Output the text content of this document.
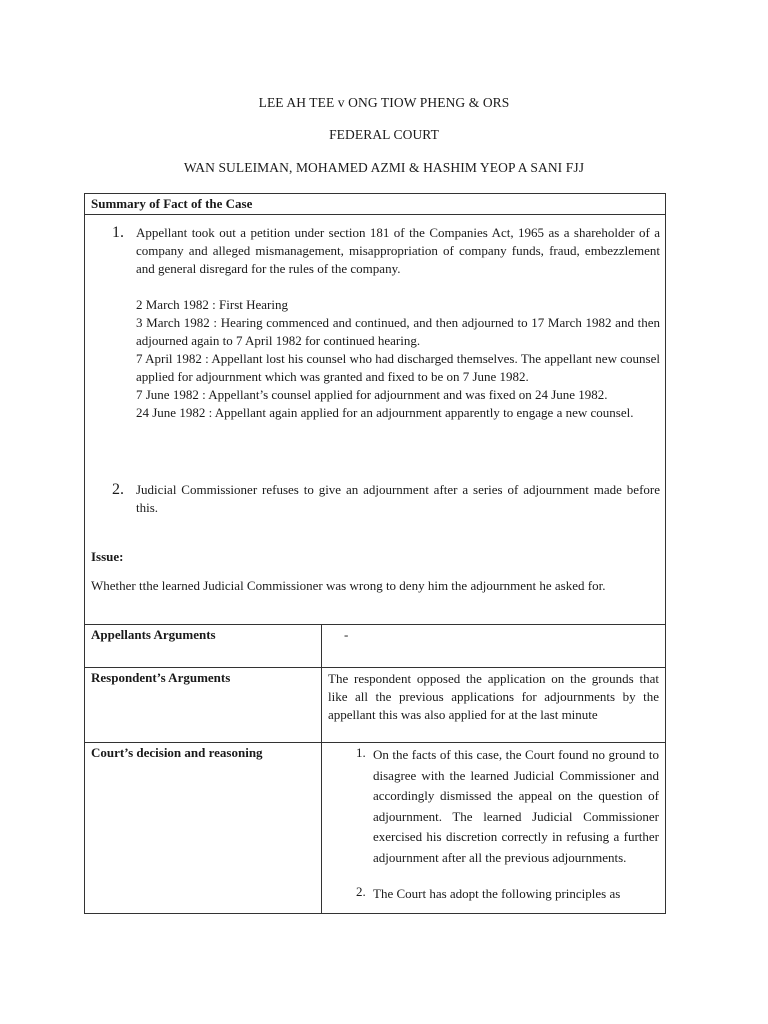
LEE AH TEE v ONG TIOW PHENG & ORS
FEDERAL COURT
WAN SULEIMAN, MOHAMED AZMI & HASHIM YEOP A SANI FJJ
Summary of Fact of the Case
1. Appellant took out a petition under section 181 of the Companies Act, 1965 as a shareholder of a company and alleged mismanagement, misappropriation of company funds, fraud, embezzlement and general disregard for the rules of the company.
2 March 1982 : First Hearing
3 March 1982 : Hearing commenced and continued, and then adjourned to 17 March 1982 and then adjourned again to 7 April 1982 for continued hearing.
7 April 1982 : Appellant lost his counsel who had discharged themselves. The appellant new counsel applied for adjournment which was granted and fixed to be on 7 June 1982.
7 June 1982 : Appellant’s counsel applied for adjournment and was fixed on 24 June 1982.
24 June 1982 : Appellant again applied for an adjournment apparently to engage a new counsel.
2. Judicial Commissioner refuses to give an adjournment after a series of adjournment made before this.
Issue:
Whether tthe learned Judicial Commissioner was wrong to deny him the adjournment he asked for.
Appellants Arguments	-
Respondent’s Arguments	The respondent opposed the application on the grounds that like all the previous applications for adjournments by the appellant this was also applied for at the last minute
Court’s decision and reasoning	1. On the facts of this case, the Court found no ground to disagree with the learned Judicial Commissioner and accordingly dismissed the appeal on the question of adjournment. The learned Judicial Commissioner exercised his discretion correctly in refusing a further adjournment after all the previous adjournments.
2. The Court has adopt the following principles as
